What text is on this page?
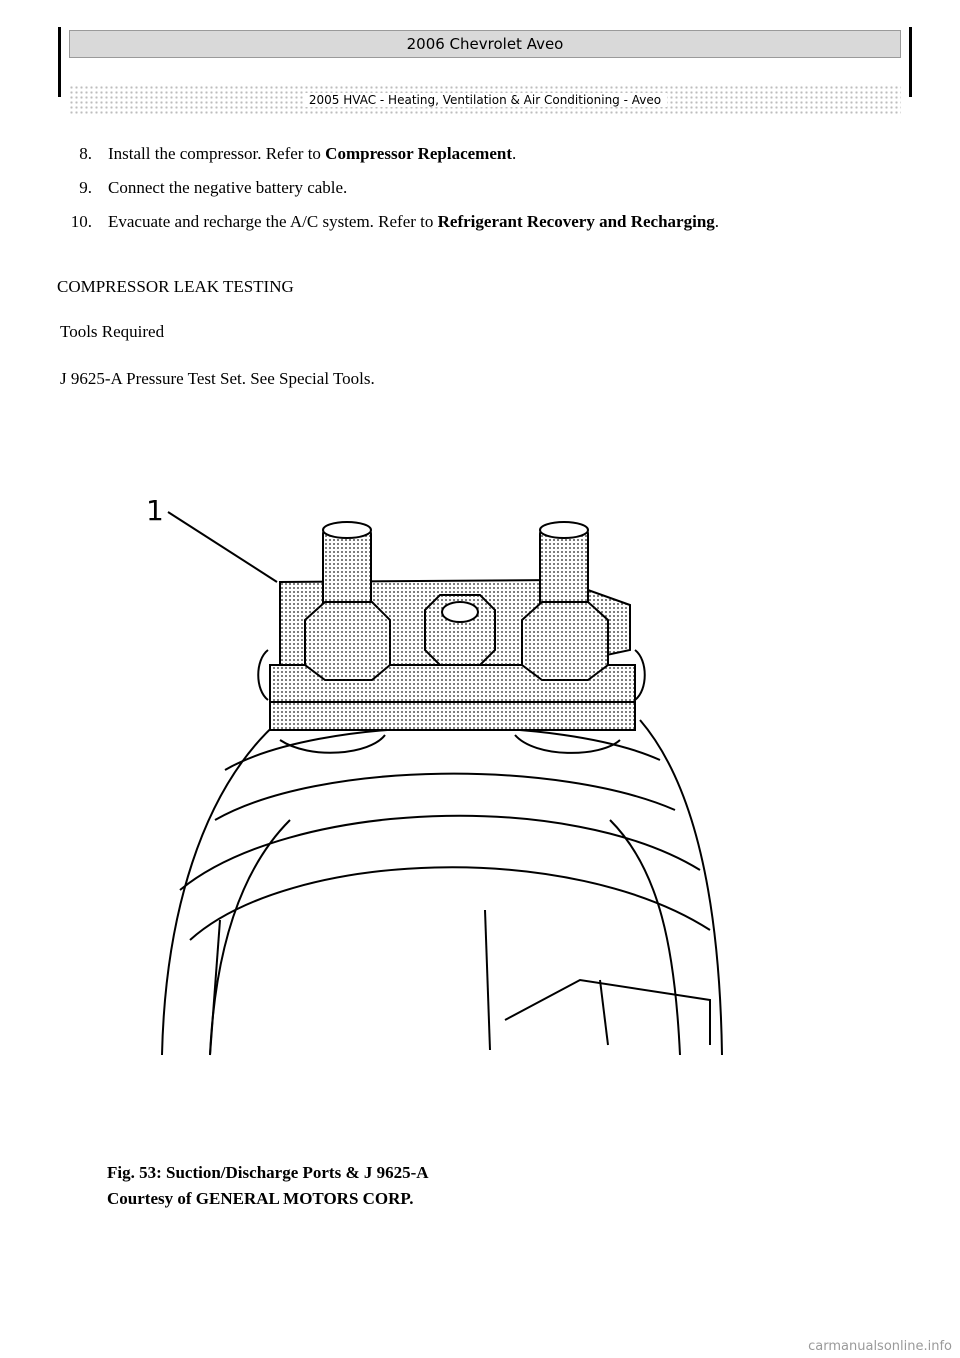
2006 Chevrolet Aveo
2005 HVAC - Heating, Ventilation & Air Conditioning - Aveo
8. Install the compressor. Refer to Compressor Replacement.
9. Connect the negative battery cable.
10. Evacuate and recharge the A/C system. Refer to Refrigerant Recovery and Recharging.
COMPRESSOR LEAK TESTING
Tools Required
J 9625-A Pressure Test Set. See Special Tools.
1
Fig. 53: Suction/Discharge Ports & J 9625-A
Courtesy of GENERAL MOTORS CORP.
carmanualsonline.info
